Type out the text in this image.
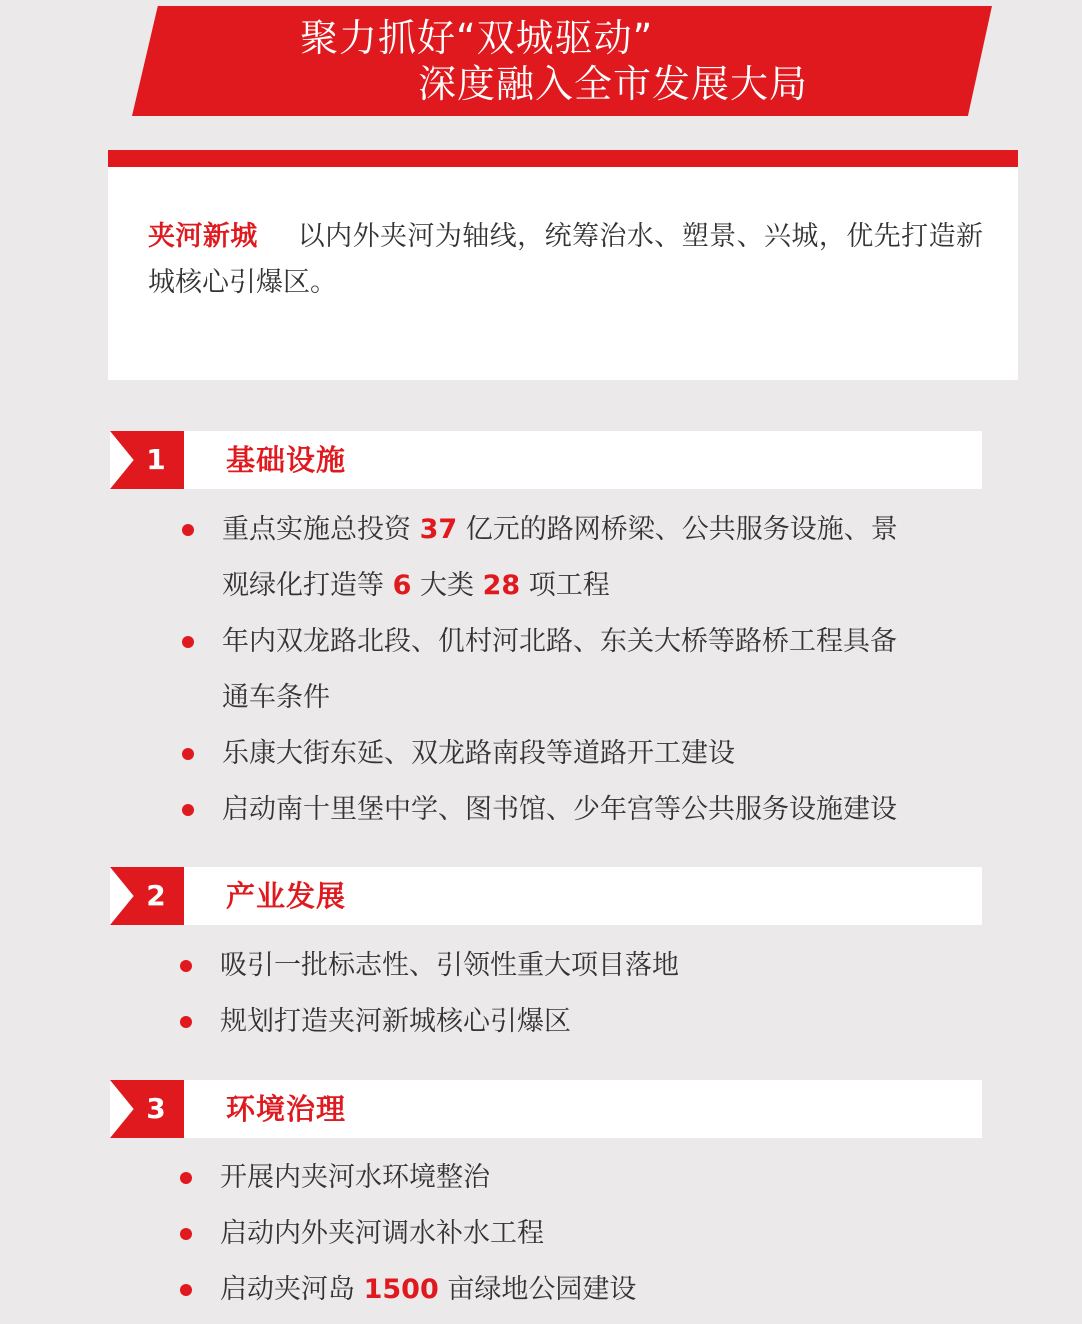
聚力抓好“双城驱动”
深度融入全市发展大局
夹河新城 以内外夹河为轴线，统筹治水、塑景、兴城，优先打造新城核心引爆区。
1	基础设施
重点实施总投资 37 亿元的路网桥梁、公共服务设施、景观绿化打造等 6 大类 28 项工程
年内双龙路北段、仉村河北路、东关大桥等路桥工程具备通车条件
乐康大街东延、双龙路南段等道路开工建设
启动南十里堡中学、图书馆、少年宫等公共服务设施建设
2	产业发展
吸引一批标志性、引领性重大项目落地
规划打造夹河新城核心引爆区
3	环境治理
开展内夹河水环境整治
启动内外夹河调水补水工程
启动夹河岛 1500 亩绿地公园建设
